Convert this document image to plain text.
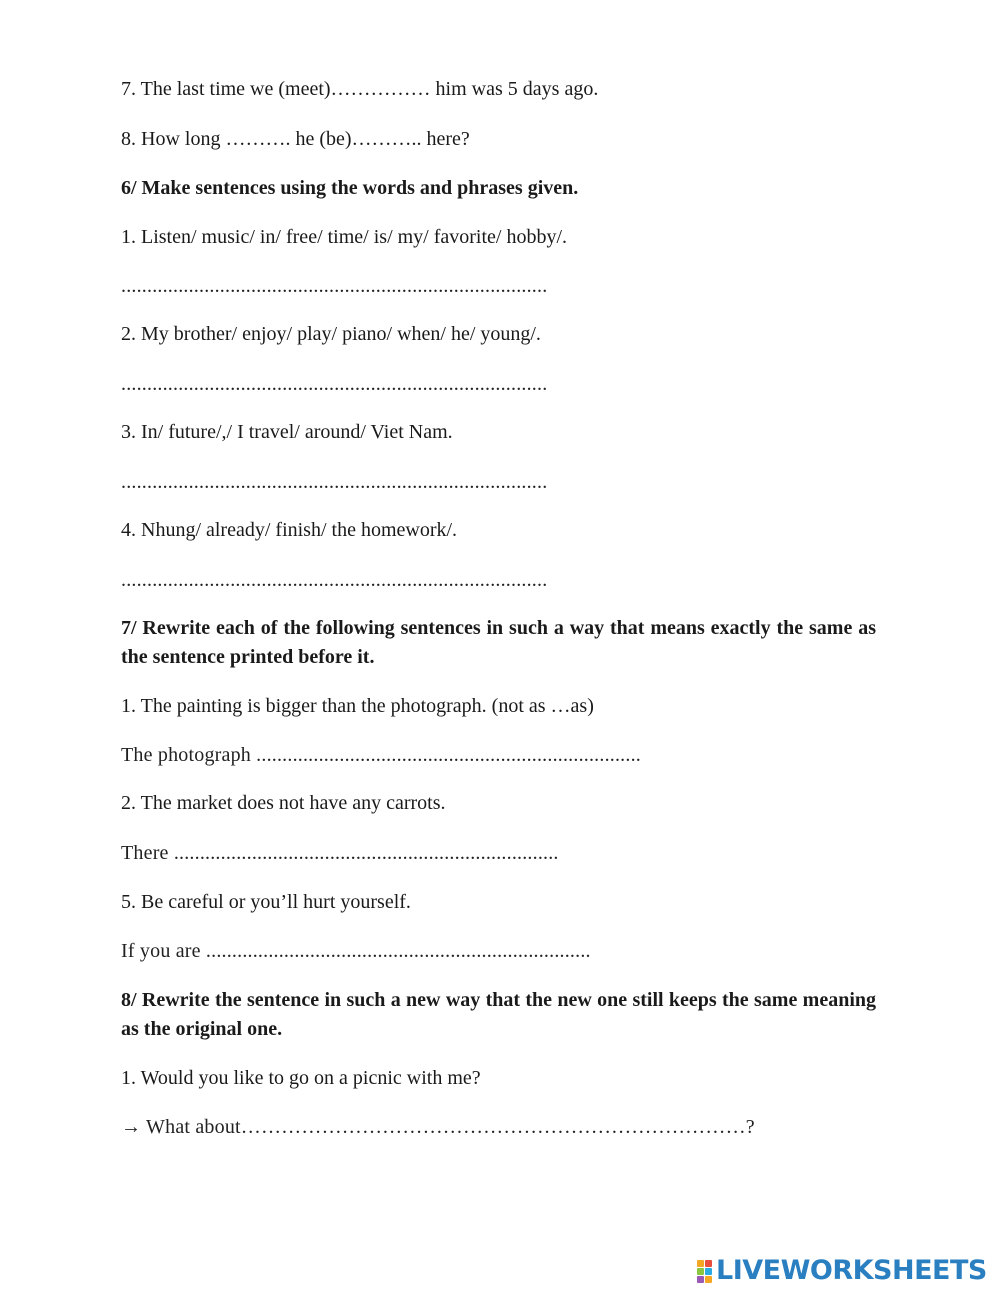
7. The last time we (meet)…………… him was 5 days ago.
8. How long ………. he (be)……….. here?
6/ Make sentences using the words and phrases given.
1. Listen/ music/ in/ free/ time/ is/ my/ favorite/ hobby/.
..................................................................................
2. My brother/ enjoy/ play/ piano/ when/ he/ young/.
..................................................................................
3. In/ future/,/ I travel/ around/ Viet Nam.
..................................................................................
4. Nhung/ already/ finish/ the homework/.
..................................................................................
7/ Rewrite each of the following sentences in such a way that means exactly the same as the sentence printed before it.
1. The painting is bigger than the photograph. (not as …as)
The photograph ..........................................................................
2. The market does not have any carrots.
There ..........................................................................
5. Be careful or you’ll hurt yourself.
If you are ..........................................................................
8/ Rewrite the sentence in such a new way that the new one still keeps the same meaning as the original one.
1. Would you like to go on a picnic with me?
→ What about…………………………………………………………………?
LIVEWORKSHEETS
